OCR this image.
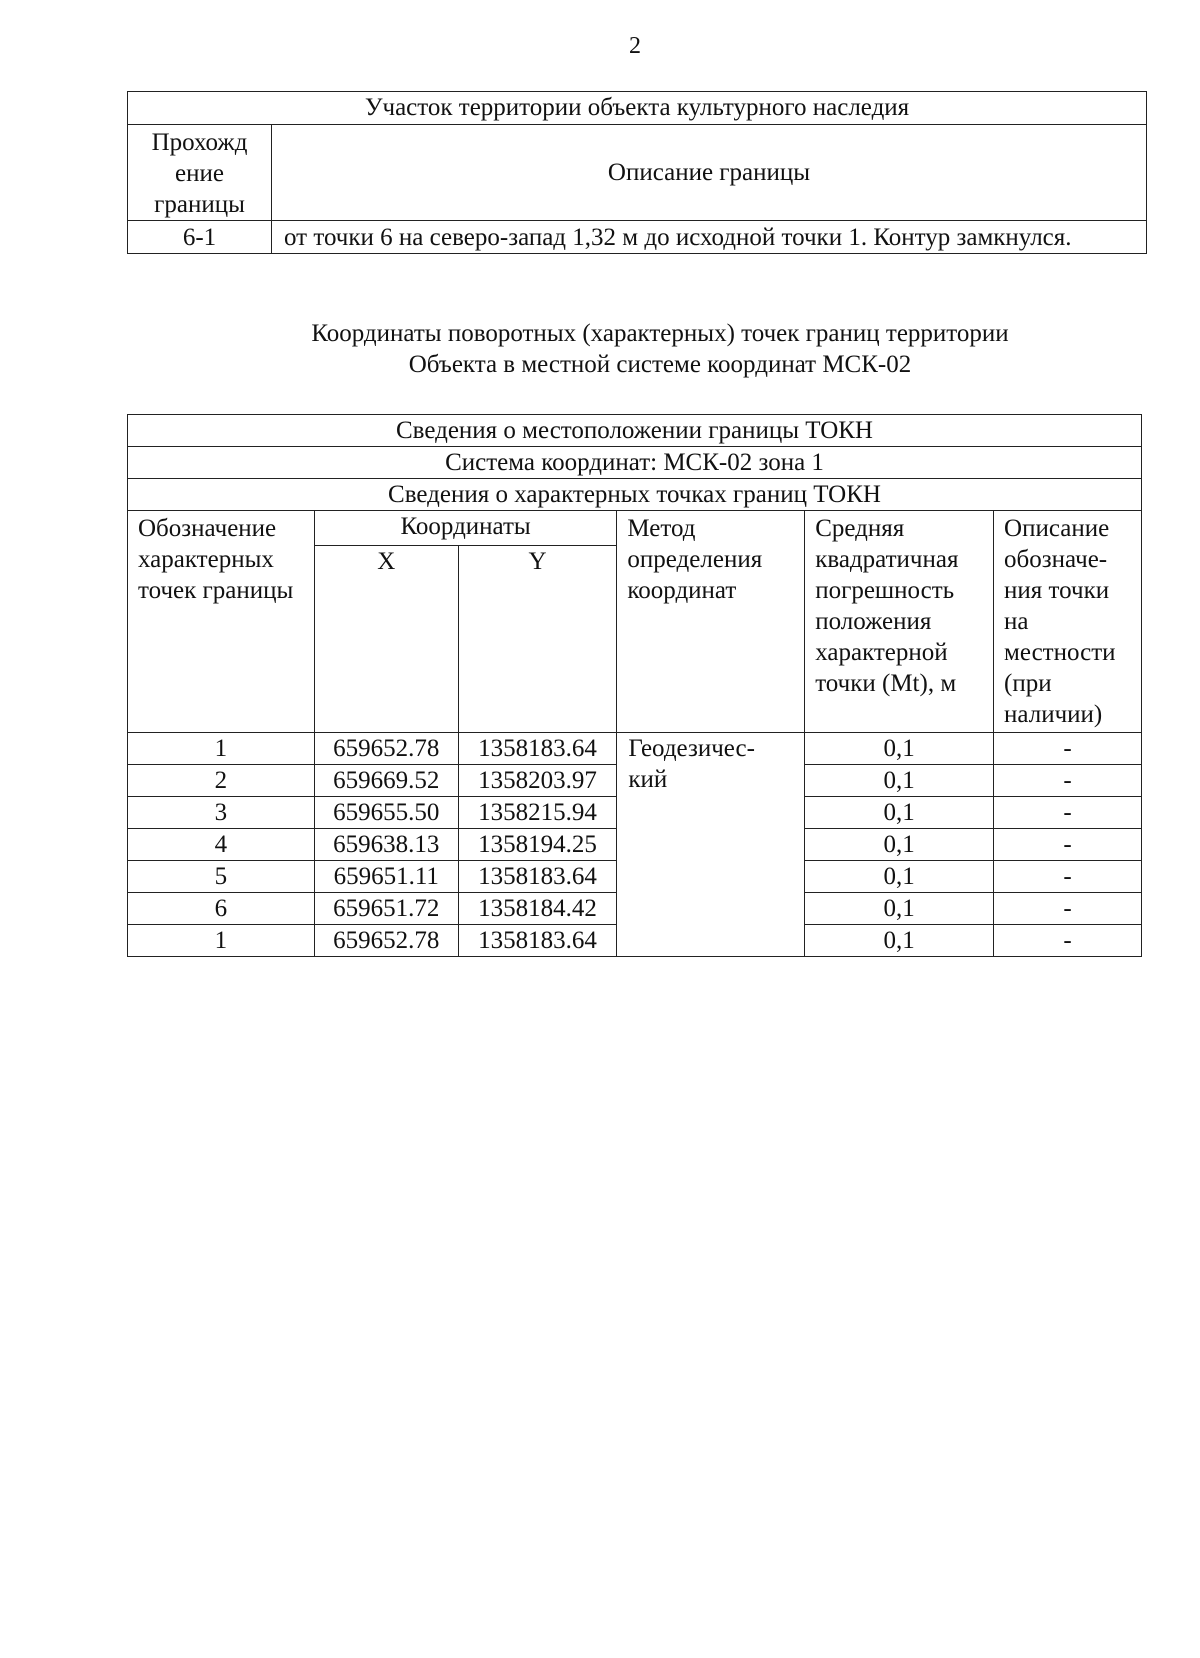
2
Участок территории объекта культурного наследия	
Прохожд ение границы	Описание границы
6-1	от точки 6 на северо-запад 1,32 м до исходной точки 1. Контур замкнулся.
Координаты поворотных (характерных) точек границ территории
Объекта в местной системе координат МСК-02
Сведения о местоположении границы ТОКН					
Система координат: МСК-02 зона 1					
Сведения о характерных точках границ ТОКН					
Обозначение характерных точек границы	Координаты		Метод определения координат	Средняя квадратичная погрешность положения характерной точки (Mt), м	Описание обозначе- ния точки на местности (при наличии)
	X	Y			
1	659652.78	1358183.64	Геодезичес- кий	0,1	-
2	659669.52	1358203.97		0,1	-
3	659655.50	1358215.94		0,1	-
4	659638.13	1358194.25		0,1	-
5	659651.11	1358183.64		0,1	-
6	659651.72	1358184.42		0,1	-
1	659652.78	1358183.64		0,1	-
